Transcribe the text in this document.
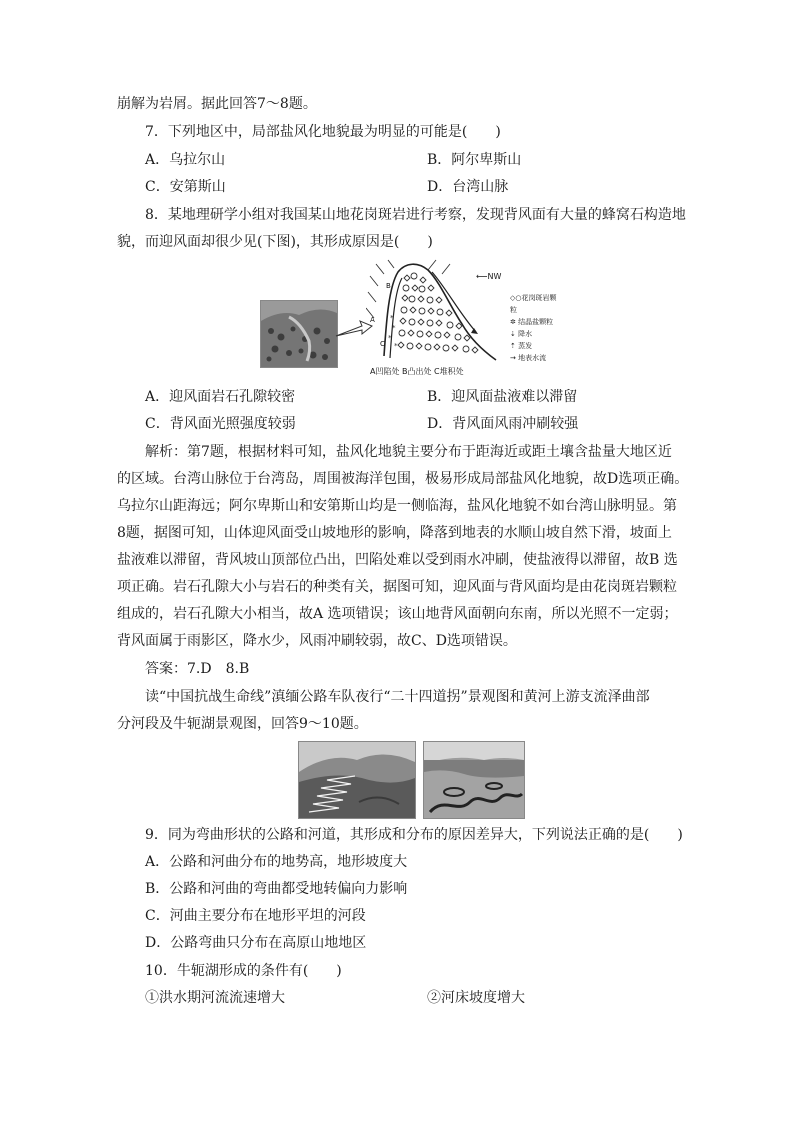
崩解为岩屑。据此回答7～8题。
7．下列地区中，局部盐风化地貌最为明显的可能是(　　)
A．乌拉尔山	B．阿尔卑斯山
C．安第斯山	D．台湾山脉
8．某地理研学小组对我国某山地花岗斑岩进行考察，发现背风面有大量的蜂窝石构造地
貌，而迎风面却很少见(下图)，其形成原因是(　　)
*
*
*
*
B
A
C
⟵NW
◇○花岗斑岩颗粒
✲ 结晶盐颗粒
⇣ 降水
⇡ 蒸发
→ 地表水流
A凹陷处 B凸出处 C堆积处
A．迎风面岩石孔隙较密	B．迎风面盐液难以滞留
C．背风面光照强度较弱	D．背风面风雨冲刷较强
解析：第7题，根据材料可知，盐风化地貌主要分布于距海近或距土壤含盐量大地区近
的区域。台湾山脉位于台湾岛，周围被海洋包围，极易形成局部盐风化地貌，故D选项正确。
乌拉尔山距海远；阿尔卑斯山和安第斯山均是一侧临海，盐风化地貌不如台湾山脉明显。第
8题，据图可知，山体迎风面受山坡地形的影响，降落到地表的水顺山坡自然下滑，坡面上
盐液难以滞留，背风坡山顶部位凸出，凹陷处难以受到雨水冲刷，使盐液得以滞留，故B 选
项正确。岩石孔隙大小与岩石的种类有关，据图可知，迎风面与背风面均是由花岗斑岩颗粒
组成的，岩石孔隙大小相当，故A 选项错误；该山地背风面朝向东南，所以光照不一定弱；
背风面属于雨影区，降水少，风雨冲刷较弱，故C、D选项错误。
答案：7.D　8.B
读“中国抗战生命线”滇缅公路车队夜行“二十四道拐”景观图和黄河上游支流泽曲部
分河段及牛轭湖景观图，回答9～10题。
9．同为弯曲形状的公路和河道，其形成和分布的原因差异大，下列说法正确的是(　　)
A．公路和河曲分布的地势高，地形坡度大
B．公路和河曲的弯曲都受地转偏向力影响
C．河曲主要分布在地形平坦的河段
D．公路弯曲只分布在高原山地地区
10．牛轭湖形成的条件有(　　)
①洪水期河流流速增大	②河床坡度增大
